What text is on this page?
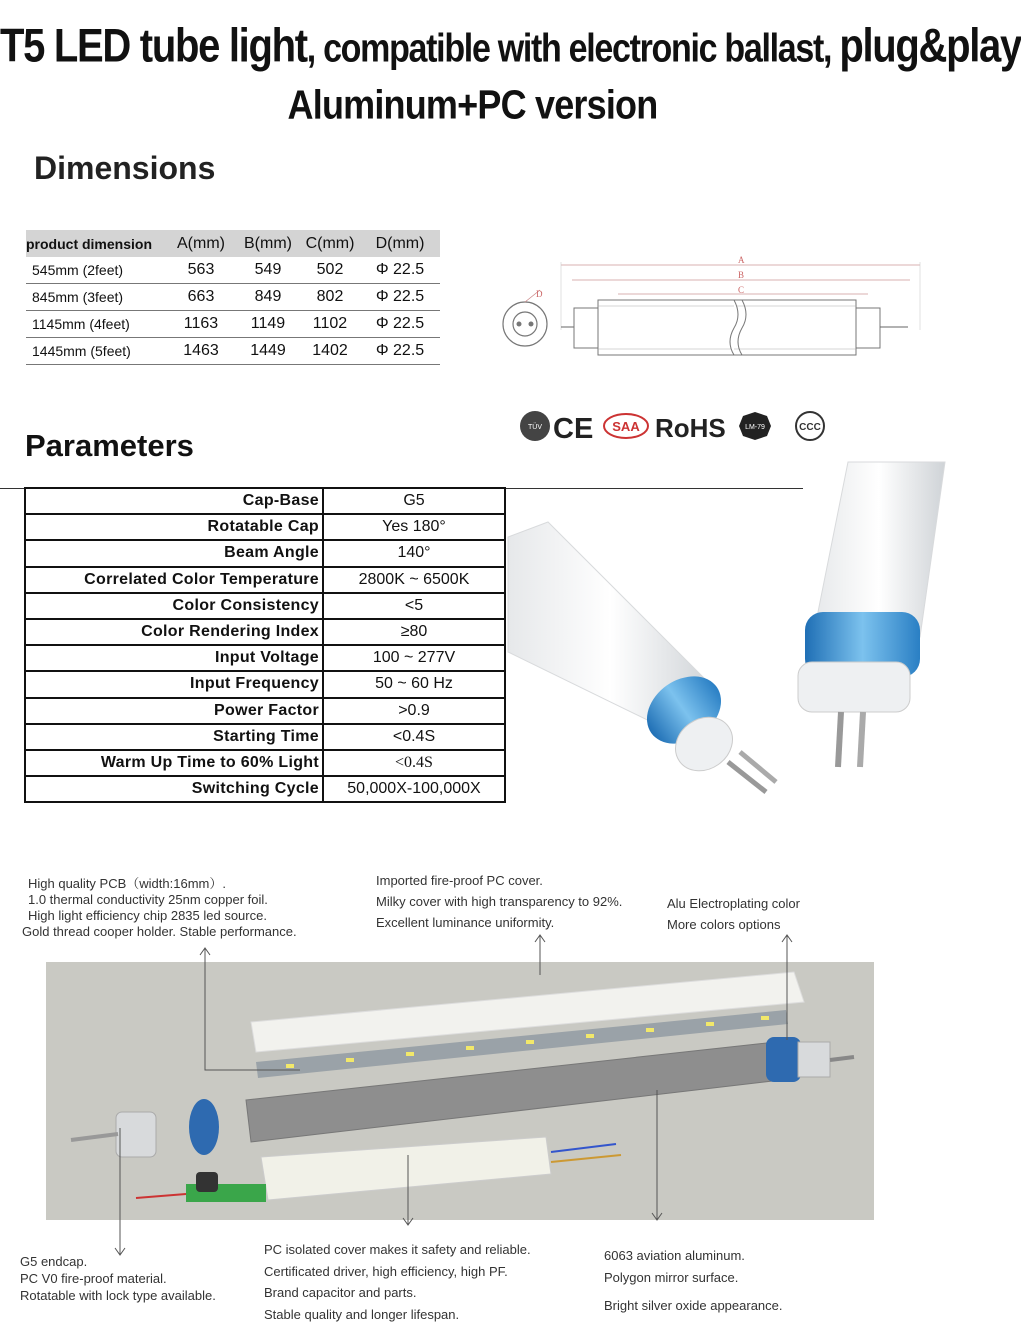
T5 LED tube light, compatible with electronic ballast, plug&play
Aluminum+PC version
Dimensions
product dimension	A(mm)	B(mm)	C(mm)	D(mm)
545mm (2feet)	563	549	502	Φ 22.5
845mm (3feet)	663	849	802	Φ 22.5
1145mm (4feet)	1163	1149	1102	Φ 22.5
1445mm (5feet)	1463	1449	1402	Φ 22.5
D
A
B
C
TÜV CE SAA RoHS	LM-79	CCC
Parameters
Cap-Base	G5
Rotatable Cap	Yes 180°
Beam Angle	140°
Correlated Color Temperature	2800K ~ 6500K
Color Consistency	<5
Color Rendering Index	≥80
Input Voltage	100 ~ 277V
Input Frequency	50 ~ 60 Hz
Power Factor	>0.9
Starting Time	<0.4S
Warm Up Time to 60% Light	<0.4S
Switching Cycle	50,000X-100,000X
High quality PCB（width:16mm）.
1.0 thermal conductivity 25nm copper foil.
High light efficiency chip 2835 led source.
Gold thread cooper holder. Stable performance.
Imported fire-proof PC cover.
Milky cover with high transparency to 92%.
Excellent luminance uniformity.
Alu Electroplating color
More colors options
G5 endcap.
PC V0 fire-proof material.
Rotatable with lock type available.
PC isolated cover makes it safety and reliable.
Certificated driver, high efficiency, high PF.
Brand capacitor and parts.
Stable quality and longer lifespan.
6063 aviation aluminum.
Polygon mirror surface.
Bright silver oxide appearance.
